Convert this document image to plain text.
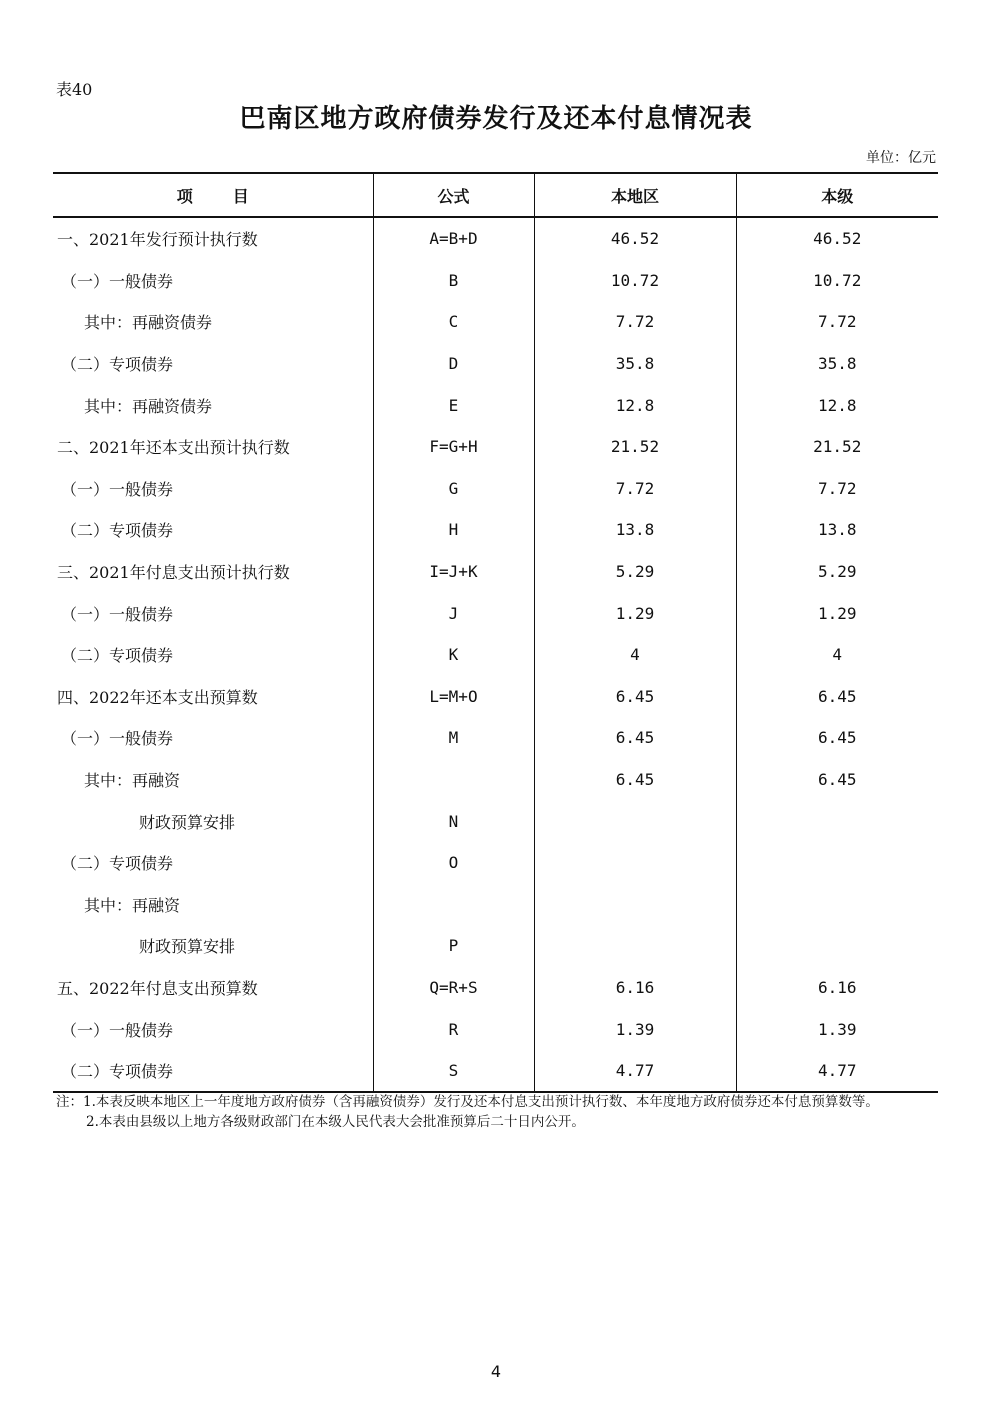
表40
巴南区地方政府债券发行及还本付息情况表
单位：亿元
项 目	公式	本地区	本级
一、2021年发行预计执行数	A=B+D	46.52	46.52
（一）一般债券	B	10.72	10.72
其中：再融资债券	C	7.72	7.72
（二）专项债券	D	35.8	35.8
其中：再融资债券	E	12.8	12.8
二、2021年还本支出预计执行数	F=G+H	21.52	21.52
（一）一般债券	G	7.72	7.72
（二）专项债券	H	13.8	13.8
三、2021年付息支出预计执行数	I=J+K	5.29	5.29
（一）一般债券	J	1.29	1.29
（二）专项债券	K	4	4
四、2022年还本支出预算数	L=M+O	6.45	6.45
（一）一般债券	M	6.45	6.45
其中：再融资		6.45	6.45
财政预算安排	N		
（二）专项债券	O		
其中：再融资			
财政预算安排	P		
五、2022年付息支出预算数	Q=R+S	6.16	6.16
（一）一般债券	R	1.39	1.39
（二）专项债券	S	4.77	4.77

注：1.本表反映本地区上一年度地方政府债券（含再融资债券）发行及还本付息支出预计执行数、本年度地方政府债券还本付息预算数等。

2.本表由县级以上地方各级财政部门在本级人民代表大会批准预算后二十日内公开。

4
